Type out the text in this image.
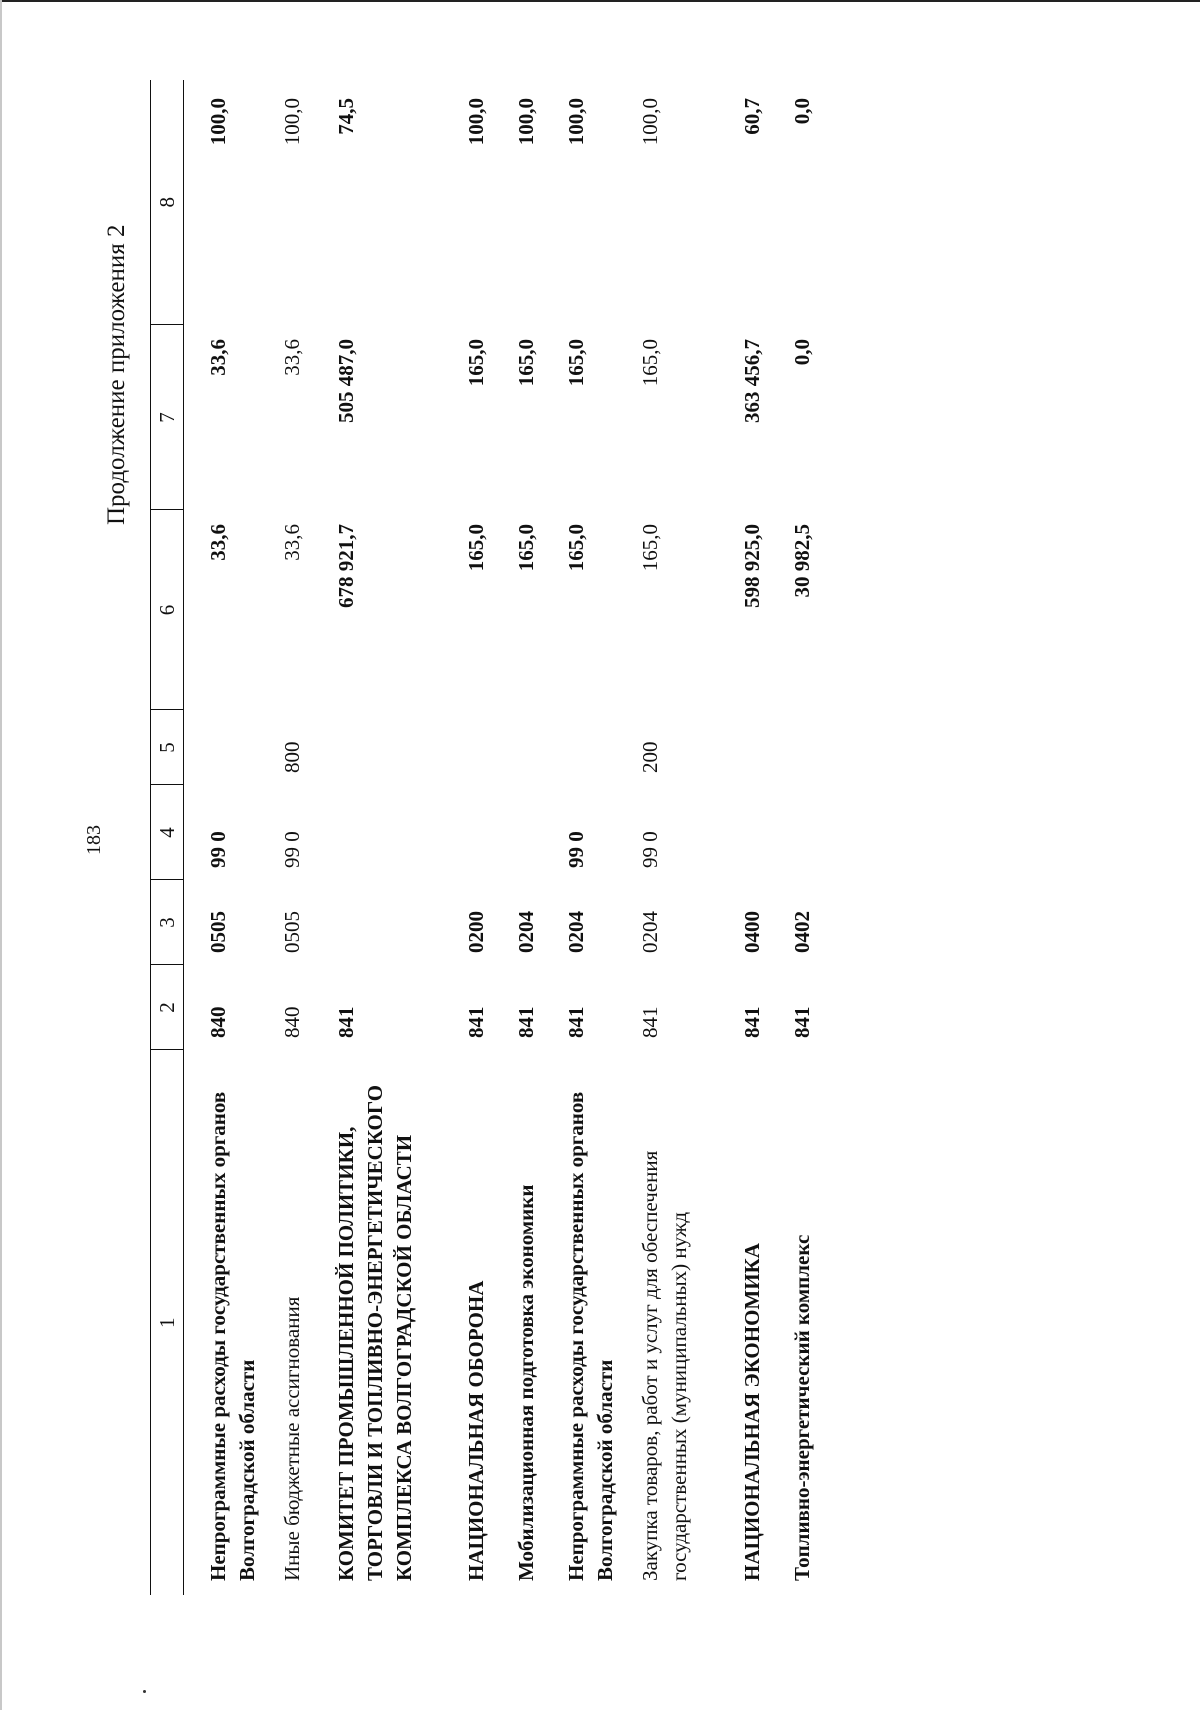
183
Продолжение приложения 2
1	2	3	4	5	6	7	8
Непрограммные расходы государственных органов Волгоградской области	840	0505	99 0		33,6	33,6	100,0
Иные бюджетные ассигнования	840	0505	99 0	800	33,6	33,6	100,0
КОМИТЕТ ПРОМЫШЛЕННОЙ ПОЛИТИКИ, ТОРГОВЛИ И ТОПЛИВНО-ЭНЕРГЕТИЧЕСКОГО КОМПЛЕКСА ВОЛГОГРАДСКОЙ ОБЛАСТИ	841				678 921,7	505 487,0	74,5
НАЦИОНАЛЬНАЯ ОБОРОНА	841	0200			165,0	165,0	100,0
Мобилизационная подготовка экономики	841	0204			165,0	165,0	100,0
Непрограммные расходы государственных органов Волгоградской области	841	0204	99 0		165,0	165,0	100,0
Закупка товаров, работ и услуг для обеспечения государственных (муниципальных) нужд	841	0204	99 0	200	165,0	165,0	100,0
НАЦИОНАЛЬНАЯ ЭКОНОМИКА	841	0400			598 925,0	363 456,7	60,7
Топливно-энергетический комплекс	841	0402			30 982,5	0,0	0,0
